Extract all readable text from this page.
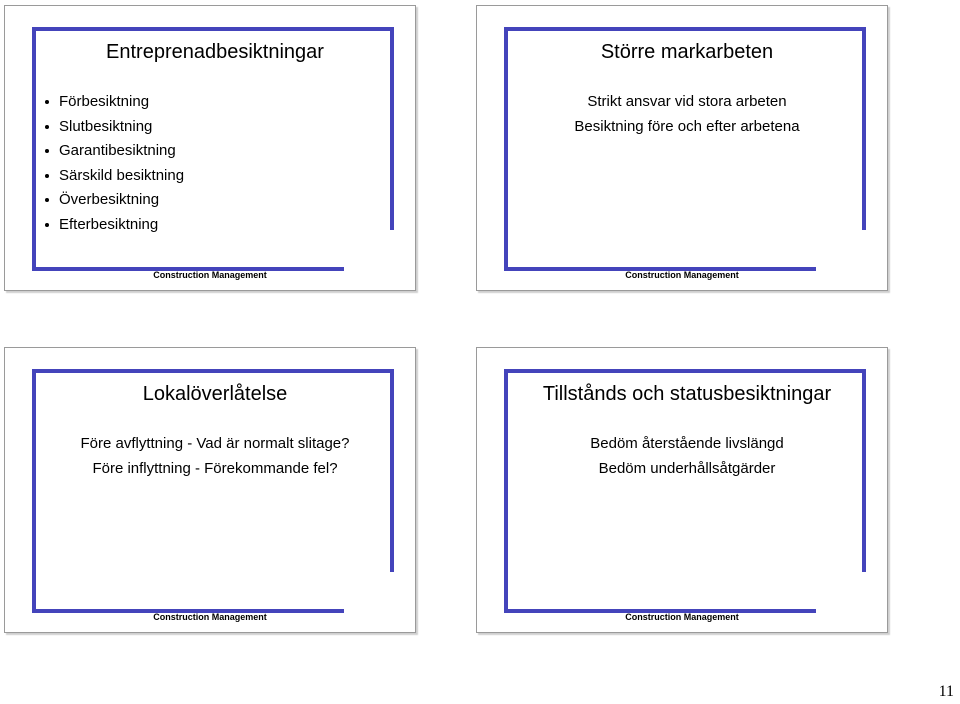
Entreprenadbesiktningar
Förbesiktning
Slutbesiktning
Garantibesiktning
Särskild besiktning
Överbesiktning
Efterbesiktning
Construction Management
Större markarbeten
Strikt ansvar vid stora arbeten
Besiktning före och efter arbetena
Construction Management
Lokalöverlåtelse
Före avflyttning - Vad är normalt slitage?
Före inflyttning - Förekommande fel?
Construction Management
Tillstånds och statusbesiktningar
Bedöm återstående livslängd
Bedöm underhållsåtgärder
Construction Management
11
